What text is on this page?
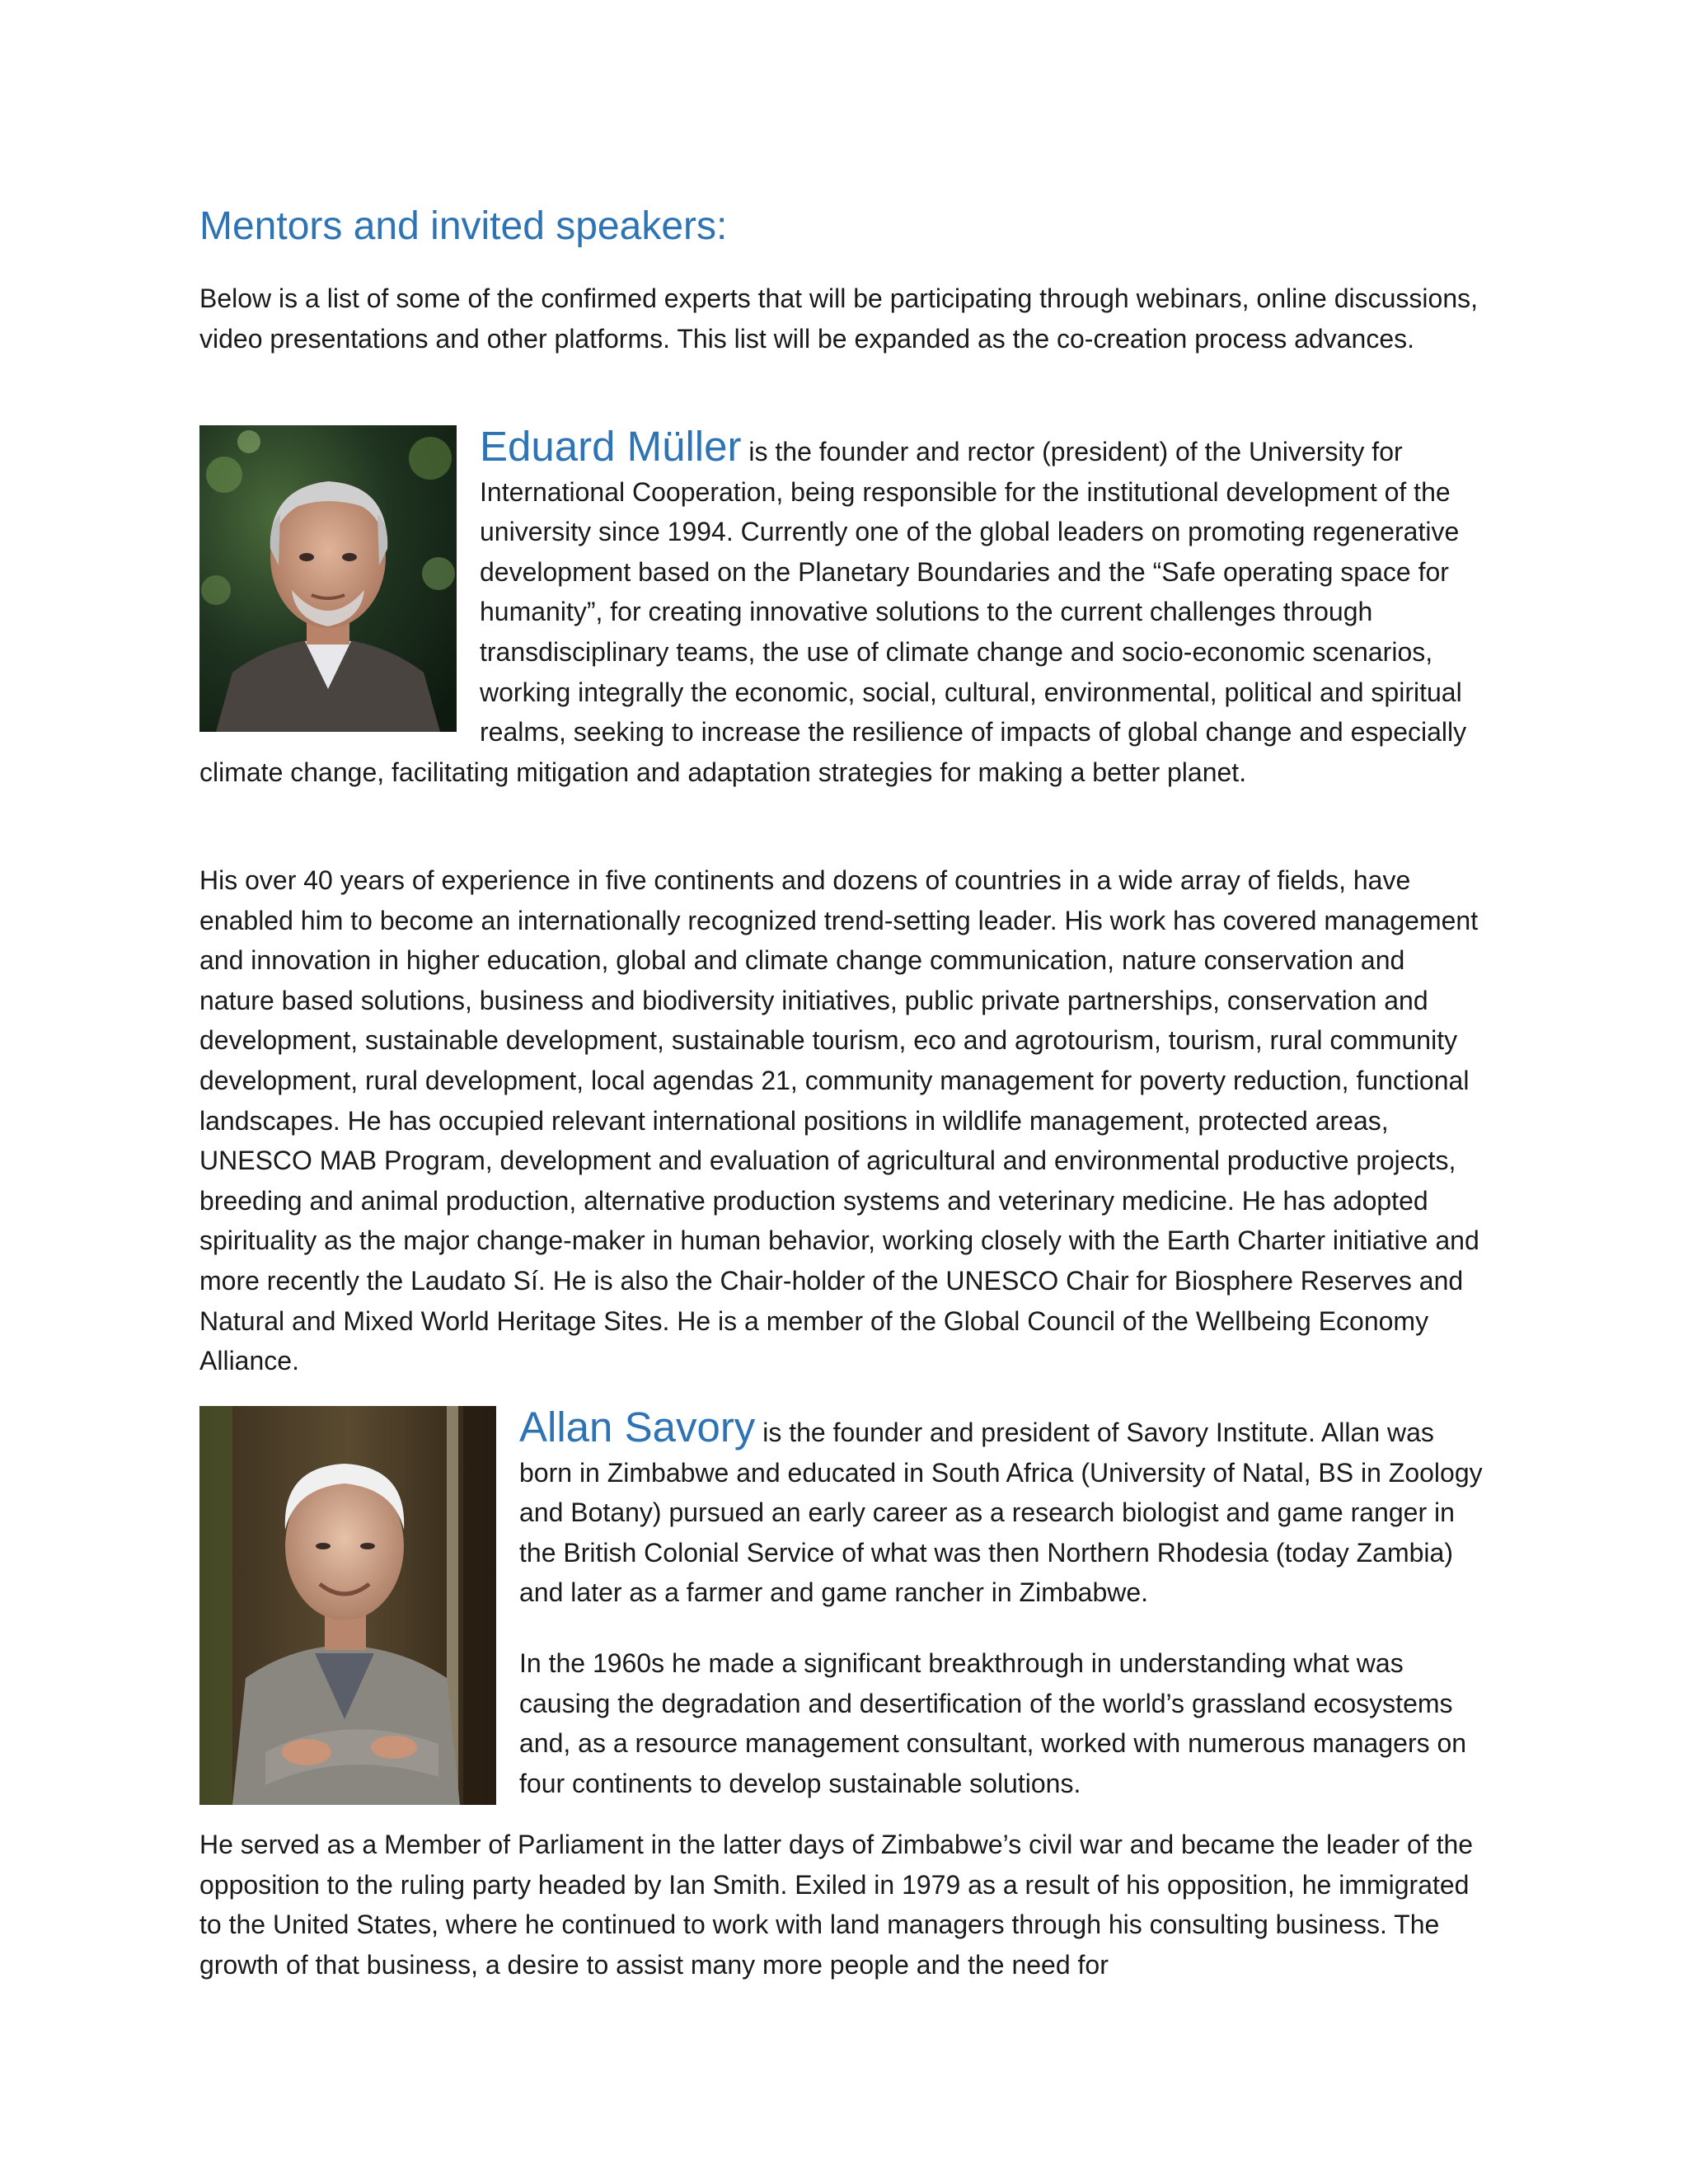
Mentors and invited speakers:

Below is a list of some of the confirmed experts that will be participating through webinars, online discussions, video presentations and other platforms. This list will be expanded as the co-creation process advances.

Eduard Müller is the founder and rector (president) of the University for International Cooperation, being responsible for the institutional development of the university since 1994. Currently one of the global leaders on promoting regenerative development based on the Planetary Boundaries and the “Safe operating space for humanity”, for creating innovative solutions to the current challenges through transdisciplinary teams, the use of climate change and socio-economic scenarios, working integrally the economic, social, cultural, environmental, political and spiritual realms, seeking to increase the resilience of impacts of global change and especially climate change, facilitating mitigation and adaptation strategies for making a better planet.

His over 40 years of experience in five continents and dozens of countries in a wide array of fields, have enabled him to become an internationally recognized trend-setting leader. His work has covered management and innovation in higher education, global and climate change communication, nature conservation and nature based solutions, business and biodiversity initiatives, public private partnerships, conservation and development, sustainable development, sustainable tourism, eco and agrotourism, tourism, rural community development, rural development, local agendas 21, community management for poverty reduction, functional landscapes. He has occupied relevant international positions in wildlife management, protected areas, UNESCO MAB Program, development and evaluation of agricultural and environmental productive projects, breeding and animal production, alternative production systems and veterinary medicine. He has adopted spirituality as the major change-maker in human behavior, working closely with the Earth Charter initiative and more recently the Laudato Sí. He is also the Chair-holder of the UNESCO Chair for Biosphere Reserves and Natural and Mixed World Heritage Sites. He is a member of the Global Council of the Wellbeing Economy Alliance.

Allan Savory is the founder and president of Savory Institute. Allan was born in Zimbabwe and educated in South Africa (University of Natal, BS in Zoology and Botany) pursued an early career as a research biologist and game ranger in the British Colonial Service of what was then Northern Rhodesia (today Zambia) and later as a farmer and game rancher in Zimbabwe.

In the 1960s he made a significant breakthrough in understanding what was causing the degradation and desertification of the world’s grassland ecosystems and, as a resource management consultant, worked with numerous managers on four continents to develop sustainable solutions.

He served as a Member of Parliament in the latter days of Zimbabwe’s civil war and became the leader of the opposition to the ruling party headed by Ian Smith. Exiled in 1979 as a result of his opposition, he immigrated to the United States, where he continued to work with land managers through his consulting business. The growth of that business, a desire to assist many more people and the need for
